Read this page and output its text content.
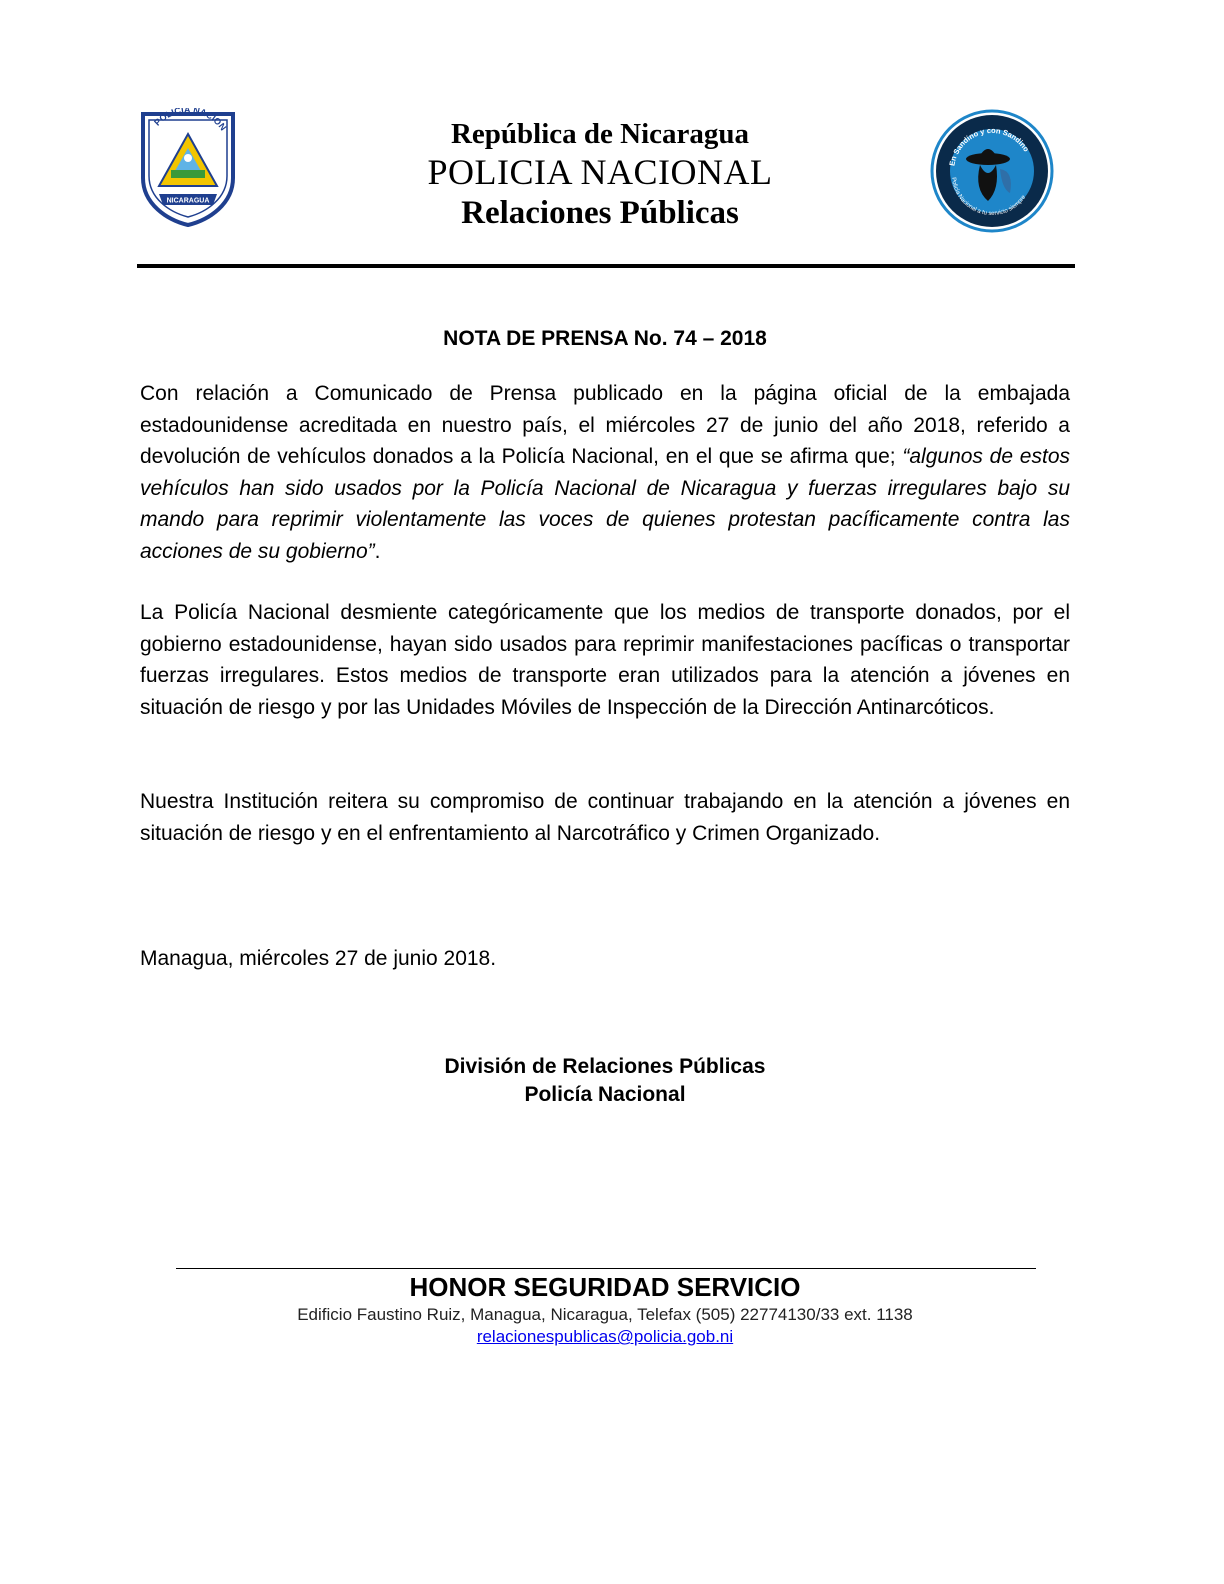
POLICIA NACION
NICARAGUA
República de Nicaragua
POLICIA NACIONAL
Relaciones Públicas
En Sandino y con Sandino
Policía Nacional a tu servicio siempre
NOTA DE PRENSA No. 74 – 2018

Con relación a Comunicado de Prensa publicado en la página oficial de la embajada estadounidense acreditada en nuestro país, el miércoles 27 de junio del año 2018, referido a devolución de vehículos donados a la Policía Nacional, en el que se afirma que; “algunos de estos vehículos han sido usados por la Policía Nacional de Nicaragua y fuerzas irregulares bajo su mando para reprimir violentamente las voces de quienes protestan pacíficamente contra las acciones de su gobierno”.

La Policía Nacional desmiente categóricamente que los medios de transporte donados, por el gobierno estadounidense, hayan sido usados para reprimir manifestaciones pacíficas o transportar fuerzas irregulares. Estos medios de transporte eran utilizados para la atención a jóvenes en situación de riesgo y por las Unidades Móviles de Inspección de la Dirección Antinarcóticos.

Nuestra Institución reitera su compromiso de continuar trabajando en la atención a jóvenes en situación de riesgo y en el enfrentamiento al Narcotráfico y Crimen Organizado.

Managua, miércoles 27 de junio 2018.
División de Relaciones Públicas
Policía Nacional
HONOR SEGURIDAD SERVICIO
Edificio Faustino Ruiz, Managua, Nicaragua, Telefax (505) 22774130/33 ext. 1138
relacionespublicas@policia.gob.ni
